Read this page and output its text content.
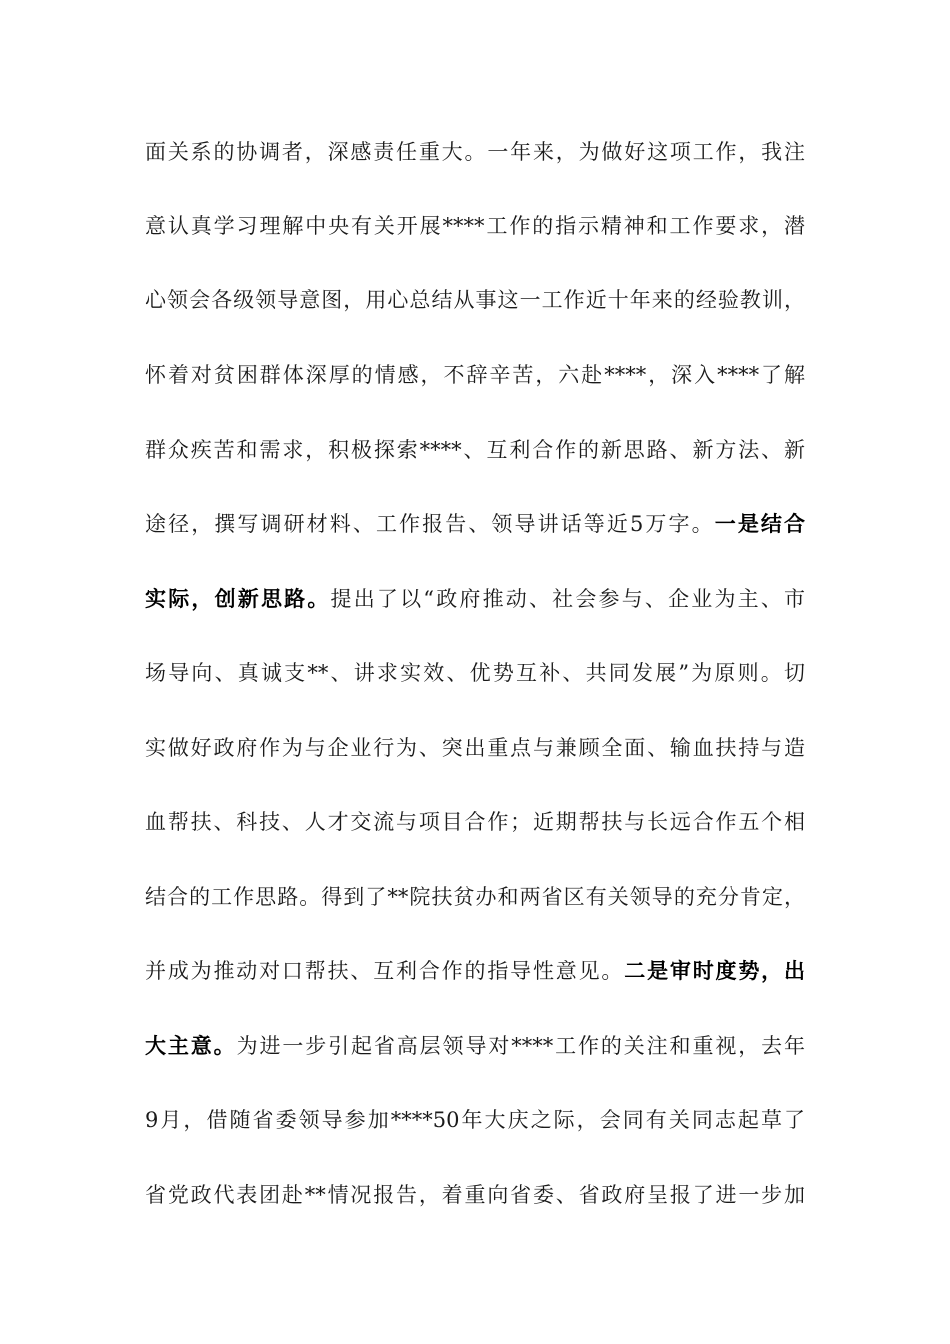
面关系的协调者，深感责任重大。一年来，为做好这项工作，我注
意认真学习理解中央有关开展****工作的指示精神和工作要求，潜
心领会各级领导意图，用心总结从事这一工作近十年来的经验教训，
怀着对贫困群体深厚的情感，不辞辛苦，六赴****，深入****了解
群众疾苦和需求，积极探索****、互利合作的新思路、新方法、新
途径，撰写调研材料、工作报告、领导讲话等近5万字。一是结合
实际，创新思路。提出了以“政府推动、社会参与、企业为主、市
场导向、真诚支**、讲求实效、优势互补、共同发展”为原则。切
实做好政府作为与企业行为、突出重点与兼顾全面、输血扶持与造
血帮扶、科技、人才交流与项目合作；近期帮扶与长远合作五个相
结合的工作思路。得到了**院扶贫办和两省区有关领导的充分肯定，
并成为推动对口帮扶、互利合作的指导性意见。二是审时度势，出
大主意。为进一步引起省高层领导对****工作的关注和重视，去年
9月，借随省委领导参加****50年大庆之际，会同有关同志起草了
省党政代表团赴**情况报告，着重向省委、省政府呈报了进一步加
